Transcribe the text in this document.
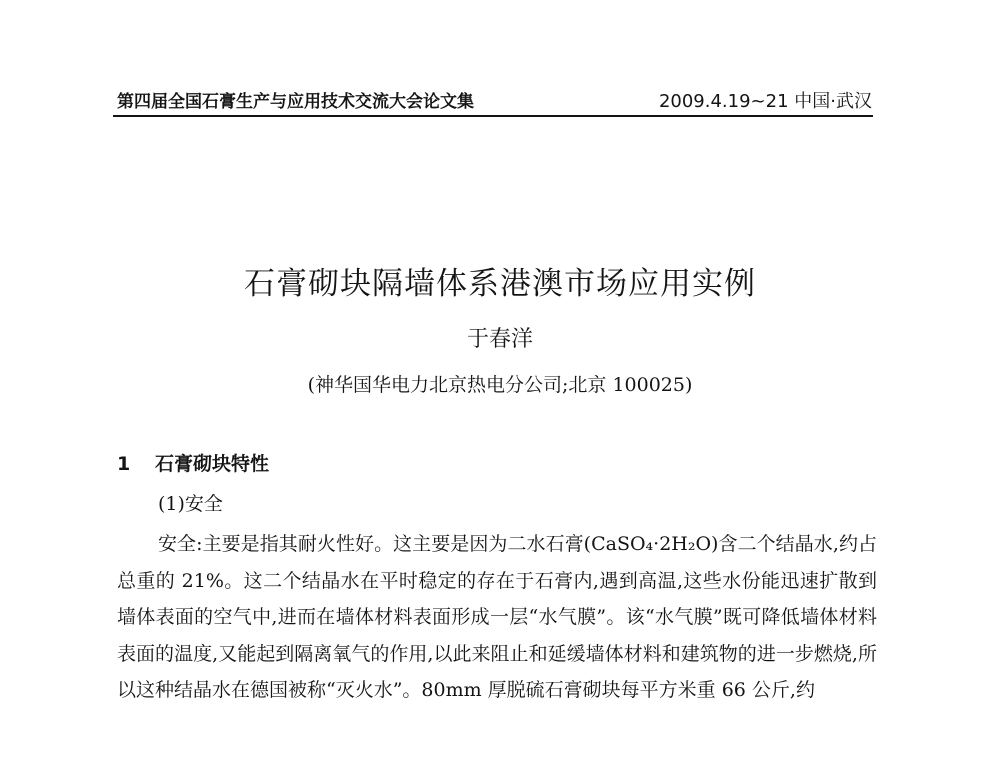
第四届全国石膏生产与应用技术交流大会论文集	2009.4.19~21 中国·武汉
石膏砌块隔墙体系港澳市场应用实例
于春洋
(神华国华电力北京热电分公司;北京 100025)
1 石膏砌块特性
(1)安全

安全:主要是指其耐火性好。这主要是因为二水石膏(CaSO₄·2H₂O)含二个结晶水,约占总重的 21%。这二个结晶水在平时稳定的存在于石膏内,遇到高温,这些水份能迅速扩散到墙体表面的空气中,进而在墙体材料表面形成一层“水气膜”。该“水气膜”既可降低墙体材料表面的温度,又能起到隔离氧气的作用,以此来阻止和延缓墙体材料和建筑物的进一步燃烧,所以这种结晶水在德国被称“灭火水”。80mm 厚脱硫石膏砌块每平方米重 66 公斤,约
